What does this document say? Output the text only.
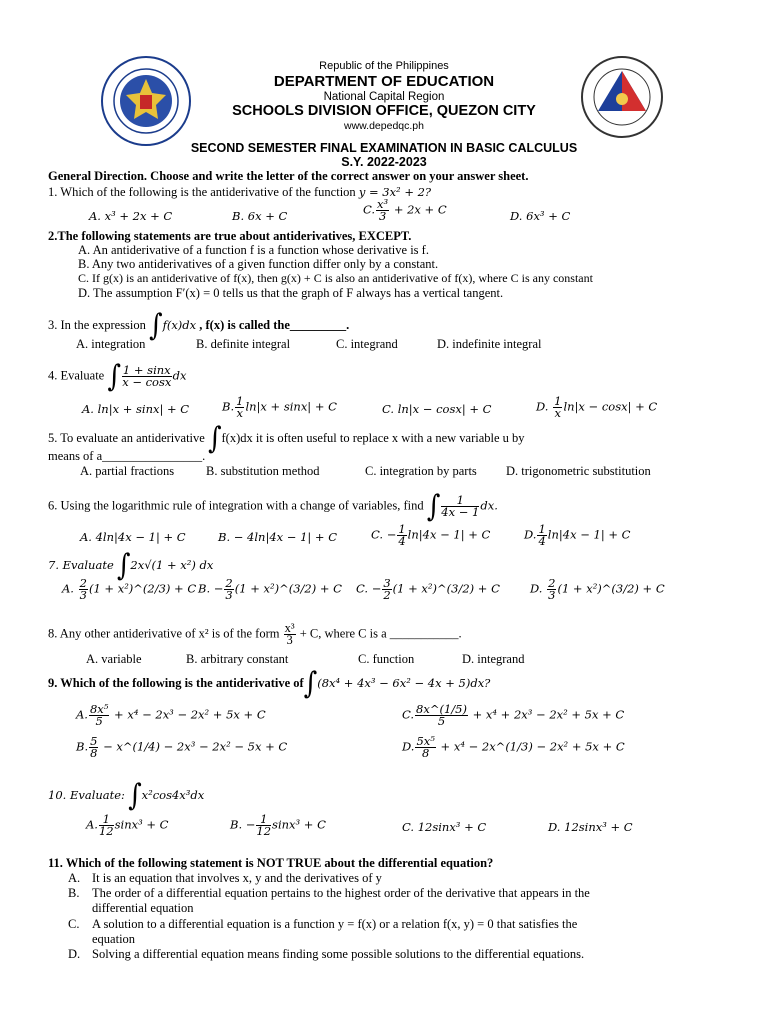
Republic of the Philippines
DEPARTMENT OF EDUCATION
National Capital Region
SCHOOLS DIVISION OFFICE, QUEZON CITY
www.depedqc.ph
SECOND SEMESTER FINAL EXAMINATION IN BASIC CALCULUS
S.Y. 2022-2023
General Direction. Choose and write the letter of the correct answer on your answer sheet.
1. Which of the following is the antiderivative of the function y = 3x² + 2?
A. x³ + 2x + C	B. 6x + C	C. $\frac{\text{x³}}{3} + 2x + C$	D. 6x³ + C
2.The following statements are true about antiderivatives, EXCEPT.
A. An antiderivative of a function f is a function whose derivative is f.
B. Any two antiderivatives of a given function differ only by a constant.
C. If g(x) is an antiderivative of f(x), then g(x) + C is also an antiderivative of f(x), where C is any constant
D. The assumption F′(x) = 0 tells us that the graph of F always has a vertical tangent.
3. In the expression ∫f(x)dx , f(x) is called the_________.
A. integration	B. definite integral	C. integrand	D. indefinite integral
4. Evaluate ∫ $\frac{1 + \sin x}{x - \cos x}$ dx
A. ln|x + sinx| + C	B. $\frac{1}{x} \ln|x + \sin x| + C$	C. ln|x − cosx| + C	D. $\frac{1}{x} \ln|x - \cos x| + C$
5. To evaluate an antiderivative ∫f(x)dx it is often useful to replace x with a new variable u by
means of a________________.
A. partial fractions	B. substitution method	C. integration by parts D. trigonometric substitution
6. Using the logarithmic rule of integration with a change of variables, find ∫ $\frac{1}{4x - 1}$ dx.
A. 4ln|4x − 1| + C	B. − 4ln|4x − 1| + C	C. − $\frac{1}{4} \ln|4x - 1| + C$	D. $\frac{1}{4} \ln|4x - 1| + C$
7. Evaluate ∫2x√(1 + x²) dx
A. $\frac{2}{3} (1$ + x²)^(2/3) + C B. − $\frac{2}{3} (1$ + x²)^(3/2) + C C. − $\frac{3}{2} (1$ + x²)^(3/2) + C	D. $\frac{2}{3} (1$ + x²)^(3/2) + C
8. Any other antiderivative of x² is of the form $\frac{\text{x³}}{3} + C$, where C is a ___________.
A. variable	B. arbitrary constant	C. function	D. integrand
9. Which of the following is the antiderivative of∫(8x⁴ + 4x³ − 6x² − 4x + 5)dx?
A. $\frac{\text{8x⁵}}{5} + x^4 - 2x^3 - 2x^2 + 5x + C$
B. $\frac{5}{8}$ − x^(1/4) − 2x³ − 2x² − 5x + C
C. $\frac{8x\^{}(1/5)}{5} + x^4 + 2x^3 - 2x^2 + 5x + C$
D. $\frac{\text{5x⁵}}{8} + x^4$ − 2x^(1/3) − 2x² + 5x + C
10. Evaluate: ∫x²cos4x³dx
A. $\frac{1}{12} \sin x^3 + C$	B. − $\frac{1}{12} \sin x^3 + C$	C. 12sinx³ + C	D. 12sinx³ + C
11. Which of the following statement is NOT TRUE about the differential equation?
A. It is an equation that involves x, y and the derivatives of y
B. The order of a differential equation pertains to the highest order of the derivative that appears in the
differential equation
C. A solution to a differential equation is a function y = f(x) or a relation f(x, y) = 0 that satisfies the
equation
D. Solving a differential equation means finding some possible solutions to the differential equations.
